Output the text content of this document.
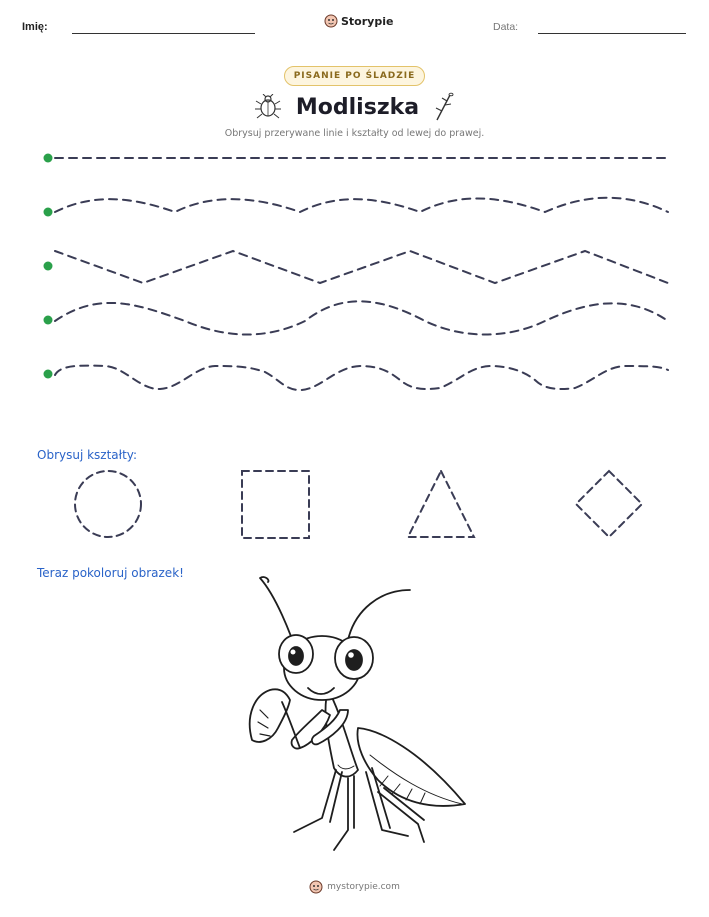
Imię:	Storypie	Data:
PISANIE PO ŚLADZIE
Modliszka
Obrysuj przerywane linie i kształty od lewej do prawej.
Obrysuj kształty:
Teraz pokoloruj obrazek!
mystorypie.com
